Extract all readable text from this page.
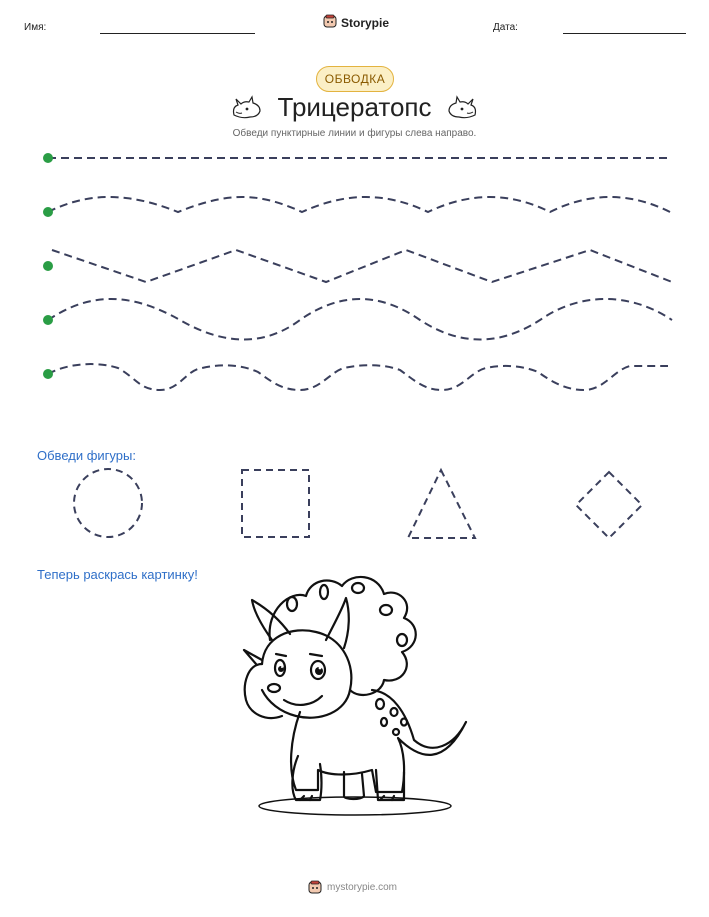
Имя:	Storypie	Дата:
ОБВОДКА
Трицератопс
Обведи пунктирные линии и фигуры слева направо.
Обведи фигуры:
Теперь раскрась картинку!
mystorypie.com
